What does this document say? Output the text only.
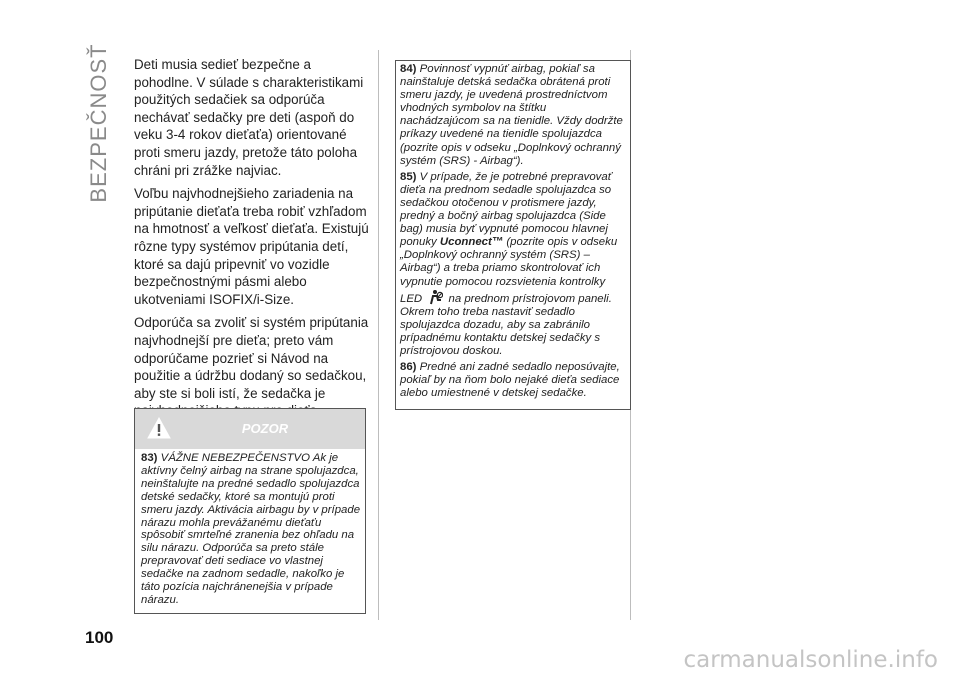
BEZPEČNOSŤ Deti musia sedieť bezpečne a pohodlne. V súlade s charakteristikami použitých sedačiek sa odporúča nechávať sedačky pre deti (aspoň do veku 3-4 rokov dieťaťa) orientované proti smeru jazdy, pretože táto poloha chráni pri zrážke najviac.

Voľbu najvhodnejšieho zariadenia na pripútanie dieťaťa treba robiť vzhľadom na hmotnosť a veľkosť dieťaťa. Existujú rôzne typy systémov pripútania detí, ktoré sa dajú pripevniť vo vozidle bezpečnostnými pásmi alebo ukotveniami ISOFIX/i-Size.

Odporúča sa zvoliť si systém pripútania najvhodnejší pre dieťa; preto vám odporúčame pozrieť si Návod na použitie a údržbu dodaný so sedačkou, aby ste si boli istí, že sedačka je

POZOR
83) VÁŽNE NEBEZPEČENSTVO Ak je aktívny čelný airbag na strane spolujazdca, neinštalujte na predné sedadlo spolujazdca detské sedačky, ktoré sa montujú proti smeru jazdy. Aktivácia airbagu by v prípade nárazu mohla prevážanému dieťaťu spôsobiť smrteľné zranenia bez ohľadu na silu nárazu. Odporúča sa preto stále prepravovať deti sediace vo vlastnej sedačke na zadnom sedadle, nakoľko je táto pozícia najchránenejšia v prípade nárazu.

84) Povinnosť vypnúť airbag, pokiaľ sa nainštaluje detská sedačka obrátená proti smeru jazdy, je uvedená prostredníctvom vhodných symbolov na štítku nachádzajúcom sa na tienidle. Vždy dodržte príkazy uvedené na tienidle spolujazdca (pozrite opis v odseku „Doplnkový ochranný systém (SRS) - Airbag“).

85) V prípade, že je potrebné prepravovať dieťa na prednom sedadle spolujazdca so sedačkou otočenou v protismere jazdy, predný a bočný airbag spolujazdca (Side bag) musia byť vypnuté pomocou hlavnej ponuky Uconnect™ (pozrite opis v odseku „Doplnkový ochranný systém (SRS) – Airbag“) a treba priamo skontrolovať ich vypnutie pomocou rozsvietenia kontrolky LED na prednom prístrojovom paneli. Okrem toho treba nastaviť sedadlo spolujazdca dozadu, aby sa zabránilo prípadnému kontaktu detskej sedačky s prístrojovou doskou.

86) Predné ani zadné sedadlo neposúvajte, pokiaľ by na ňom bolo nejaké dieťa sediace alebo umiestnené v detskej sedačke.

100
carmanualsonline.info
